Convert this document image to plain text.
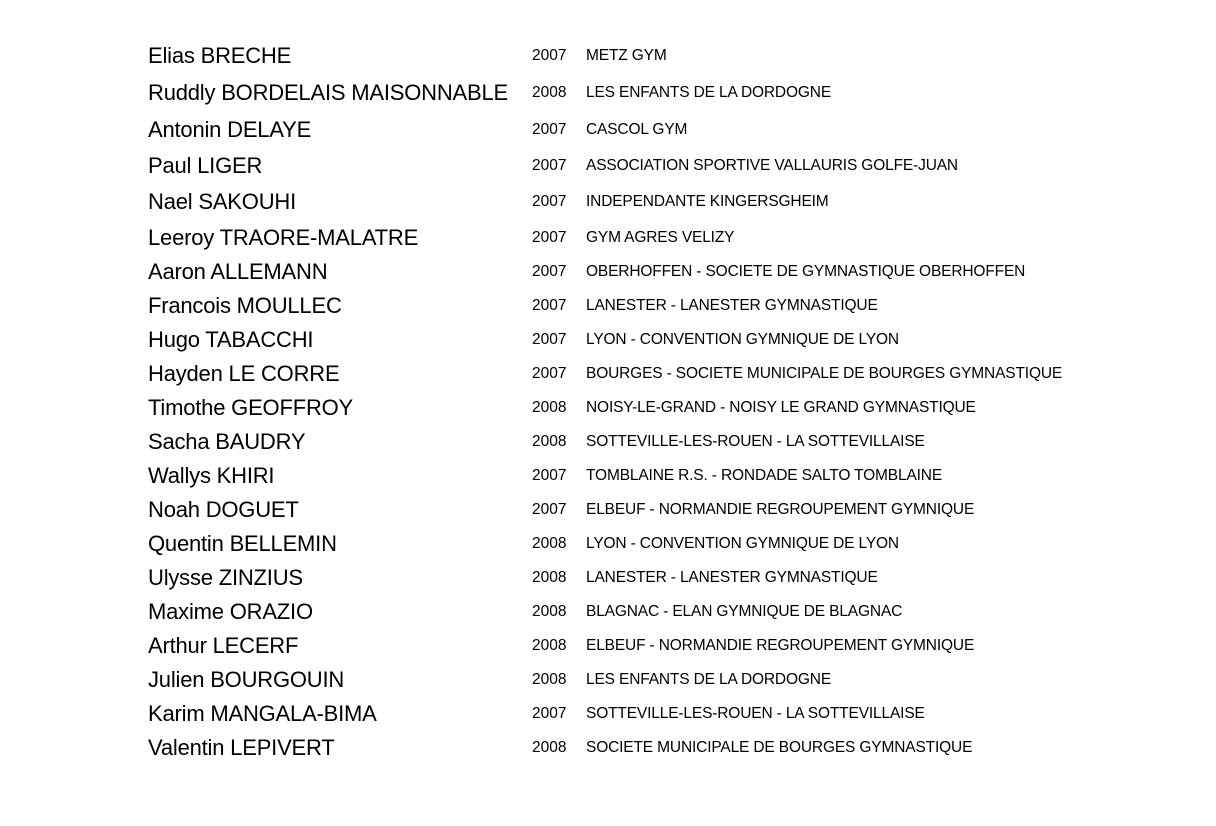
Elias BRECHE	2007 METZ GYM
Ruddly BORDELAIS MAISONNABLE 2008 LES ENFANTS DE LA DORDOGNE
Antonin DELAYE	2007 CASCOL GYM
Paul LIGER	2007 ASSOCIATION SPORTIVE VALLAURIS GOLFE-JUAN
Nael SAKOUHI	2007 INDEPENDANTE KINGERSGHEIM
Leeroy TRAORE-MALATRE	2007 GYM AGRES VELIZY
Aaron ALLEMANN	2007 OBERHOFFEN - SOCIETE DE GYMNASTIQUE OBERHOFFEN
Francois MOULLEC	2007 LANESTER - LANESTER GYMNASTIQUE
Hugo TABACCHI	2007 LYON - CONVENTION GYMNIQUE DE LYON
Hayden LE CORRE	2007 BOURGES - SOCIETE MUNICIPALE DE BOURGES GYMNASTIQUE
Timothe GEOFFROY	2008 NOISY-LE-GRAND - NOISY LE GRAND GYMNASTIQUE
Sacha BAUDRY	2008 SOTTEVILLE-LES-ROUEN - LA SOTTEVILLAISE
Wallys KHIRI	2007 TOMBLAINE R.S. - RONDADE SALTO TOMBLAINE
Noah DOGUET	2007 ELBEUF - NORMANDIE REGROUPEMENT GYMNIQUE
Quentin BELLEMIN	2008 LYON - CONVENTION GYMNIQUE DE LYON
Ulysse ZINZIUS	2008 LANESTER - LANESTER GYMNASTIQUE
Maxime ORAZIO	2008 BLAGNAC - ELAN GYMNIQUE DE BLAGNAC
Arthur LECERF	2008 ELBEUF - NORMANDIE REGROUPEMENT GYMNIQUE
Julien BOURGOUIN	2008 LES ENFANTS DE LA DORDOGNE
Karim MANGALA-BIMA	2007 SOTTEVILLE-LES-ROUEN - LA SOTTEVILLAISE
Valentin LEPIVERT	2008 SOCIETE MUNICIPALE DE BOURGES GYMNASTIQUE
